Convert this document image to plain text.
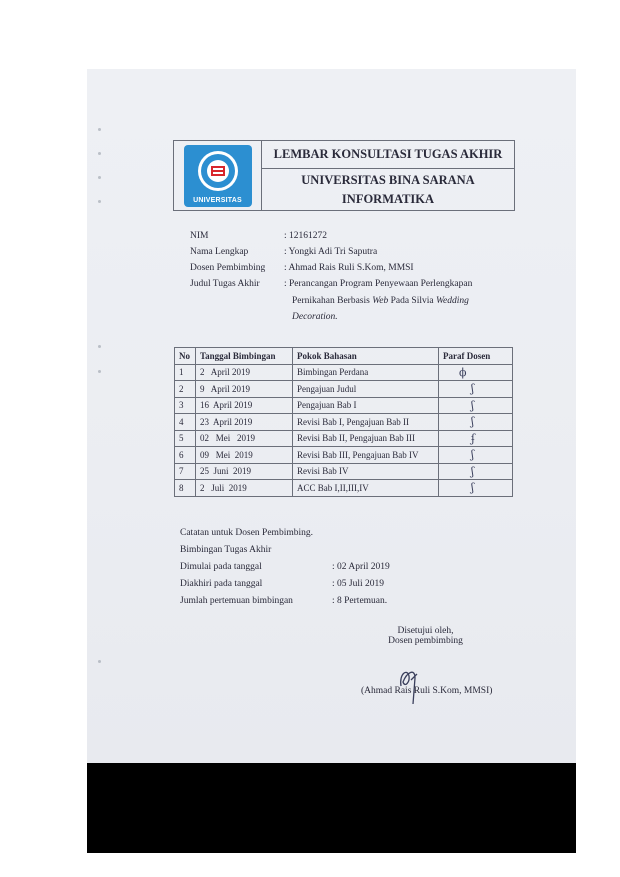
UNIVERSITAS
LEMBAR KONSULTASI TUGAS AKHIR
UNIVERSITAS BINA SARANA
INFORMATIKA
NIM	: 12161272
Nama Lengkap	: Yongki Adi Tri Saputra
Dosen Pembimbing	: Ahmad Rais Ruli S.Kom, MMSI
Judul Tugas Akhir	: Perancangan Program Penyewaan Perlengkapan
Pernikahan Berbasis Web Pada Silvia Wedding
Decoration.
No	Tanggal Bimbingan	Pokok Bahasan	Paraf Dosen
1	2   April 2019	Bimbingan Perdana	ϕ
2	9   April 2019	Pengajuan Judul	ʃ
3	16  April 2019	Pengajuan Bab I	ʃ
4	23  April 2019	Revisi Bab I, Pengajuan Bab II	ʃ
5	02   Mei   2019	Revisi Bab II, Pengajuan Bab III	ʄ
6	09   Mei  2019	Revisi Bab III, Pengajuan Bab IV	ʃ
7	25  Juni  2019	Revisi Bab IV	ʃ
8	2   Juli  2019	ACC Bab I,II,III,IV	ʃ
Catatan untuk Dosen Pembimbing.
Bimbingan Tugas Akhir
Dimulai pada tanggal	: 02 April 2019
Diakhiri pada tanggal	: 05 Juli 2019
Jumlah pertemuan bimbingan	: 8 Pertemuan.
Disetujui oleh,
Dosen pembimbing
(Ahmad Rais Ruli S.Kom, MMSI)
